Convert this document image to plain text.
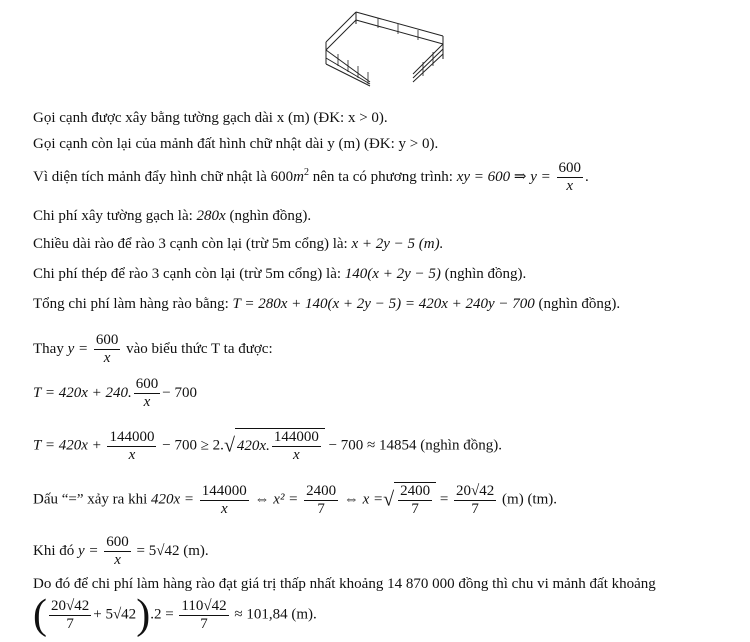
Gọi cạnh được xây bằng tường gạch dài x (m) (ĐK: x > 0).
Gọi cạnh còn lại của mảnh đất hình chữ nhật dài y (m) (ĐK: y > 0).
Vì diện tích mảnh đẩy hình chữ nhật là $600m^2$ nên ta có phương trình: xy = 600 ⇒ $y = \frac{600}{x}$ .
Chi phí xây tường gạch là: 280x (nghìn đồng).
Chiều dài rào để rào 3 cạnh còn lại (trừ 5m cổng) là: x + 2y − 5 (m).
Chi phí thép để rào 3 cạnh còn lại (trừ 5m cổng) là: 140(x + 2y − 5) (nghìn đồng).
Tổng chi phí làm hàng rào bằng: T = 280x + 140(x + 2y − 5) = 420x + 240y − 700 (nghìn đồng).
Thay $y = \frac{600}{x}$ vào biểu thức T ta được:
T = 420x + 240. $\frac{600}{x} - 700$
$T = 420x + \frac{144000}{x} - 700 \ge 2.√$ 420x. $\frac{144000}{x} - 700 \approx 14854$ (nghìn đồng).
Dấu “=” xảy ra khi $420x = \frac{144000}{x}$ ⇔ $x^2 = \frac{2400}{7}$ ⇔ x =√ $\frac{2400}{7} = \frac{20√42}{7} (m)$ (tm).
Khi đó $y = \frac{600}{x} = 5√42$ (m).
Do đó để chi phí làm hàng rào đạt giá trị thấp nhất khoảng 14 870 000 đồng thì chu vi mảnh đất khoảng
( $\frac{20√42}{7} + 5√42).2 = \frac{110√42}{7} \approx 101,84$ (m).
